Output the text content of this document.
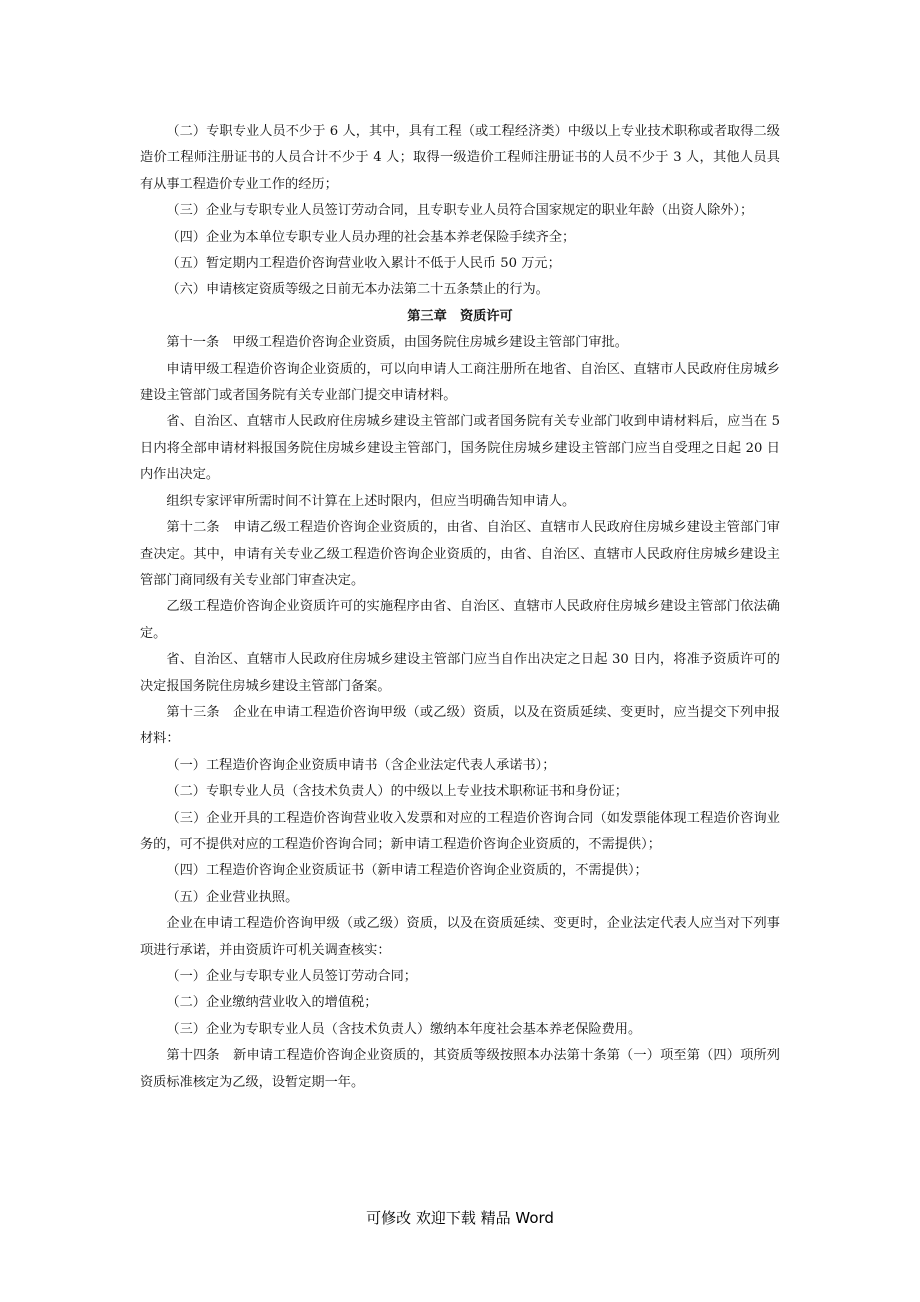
（二）专职专业人员不少于 6 人，其中，具有工程（或工程经济类）中级以上专业技术职称或者取得二级造价工程师注册证书的人员合计不少于 4 人；取得一级造价工程师注册证书的人员不少于 3 人，其他人员具有从事工程造价专业工作的经历；

（三）企业与专职专业人员签订劳动合同，且专职专业人员符合国家规定的职业年龄（出资人除外）；

（四）企业为本单位专职专业人员办理的社会基本养老保险手续齐全；

（五）暂定期内工程造价咨询营业收入累计不低于人民币 50 万元；

（六）申请核定资质等级之日前无本办法第二十五条禁止的行为。

第三章　资质许可

第十一条　甲级工程造价咨询企业资质，由国务院住房城乡建设主管部门审批。

申请甲级工程造价咨询企业资质的，可以向申请人工商注册所在地省、自治区、直辖市人民政府住房城乡建设主管部门或者国务院有关专业部门提交申请材料。

省、自治区、直辖市人民政府住房城乡建设主管部门或者国务院有关专业部门收到申请材料后，应当在 5 日内将全部申请材料报国务院住房城乡建设主管部门，国务院住房城乡建设主管部门应当自受理之日起 20 日内作出决定。

组织专家评审所需时间不计算在上述时限内，但应当明确告知申请人。

第十二条　申请乙级工程造价咨询企业资质的，由省、自治区、直辖市人民政府住房城乡建设主管部门审查决定。其中，申请有关专业乙级工程造价咨询企业资质的，由省、自治区、直辖市人民政府住房城乡建设主管部门商同级有关专业部门审查决定。

乙级工程造价咨询企业资质许可的实施程序由省、自治区、直辖市人民政府住房城乡建设主管部门依法确定。

省、自治区、直辖市人民政府住房城乡建设主管部门应当自作出决定之日起 30 日内，将准予资质许可的决定报国务院住房城乡建设主管部门备案。

第十三条　企业在申请工程造价咨询甲级（或乙级）资质，以及在资质延续、变更时，应当提交下列申报材料：

（一）工程造价咨询企业资质申请书（含企业法定代表人承诺书）；

（二）专职专业人员（含技术负责人）的中级以上专业技术职称证书和身份证；

（三）企业开具的工程造价咨询营业收入发票和对应的工程造价咨询合同（如发票能体现工程造价咨询业务的，可不提供对应的工程造价咨询合同；新申请工程造价咨询企业资质的，不需提供）；

（四）工程造价咨询企业资质证书（新申请工程造价咨询企业资质的，不需提供）；

（五）企业营业执照。

企业在申请工程造价咨询甲级（或乙级）资质，以及在资质延续、变更时，企业法定代表人应当对下列事项进行承诺，并由资质许可机关调查核实：

（一）企业与专职专业人员签订劳动合同；

（二）企业缴纳营业收入的增值税；

（三）企业为专职专业人员（含技术负责人）缴纳本年度社会基本养老保险费用。

第十四条　新申请工程造价咨询企业资质的，其资质等级按照本办法第十条第（一）项至第（四）项所列资质标准核定为乙级，设暂定期一年。

可修改 欢迎下载 精品 Word
